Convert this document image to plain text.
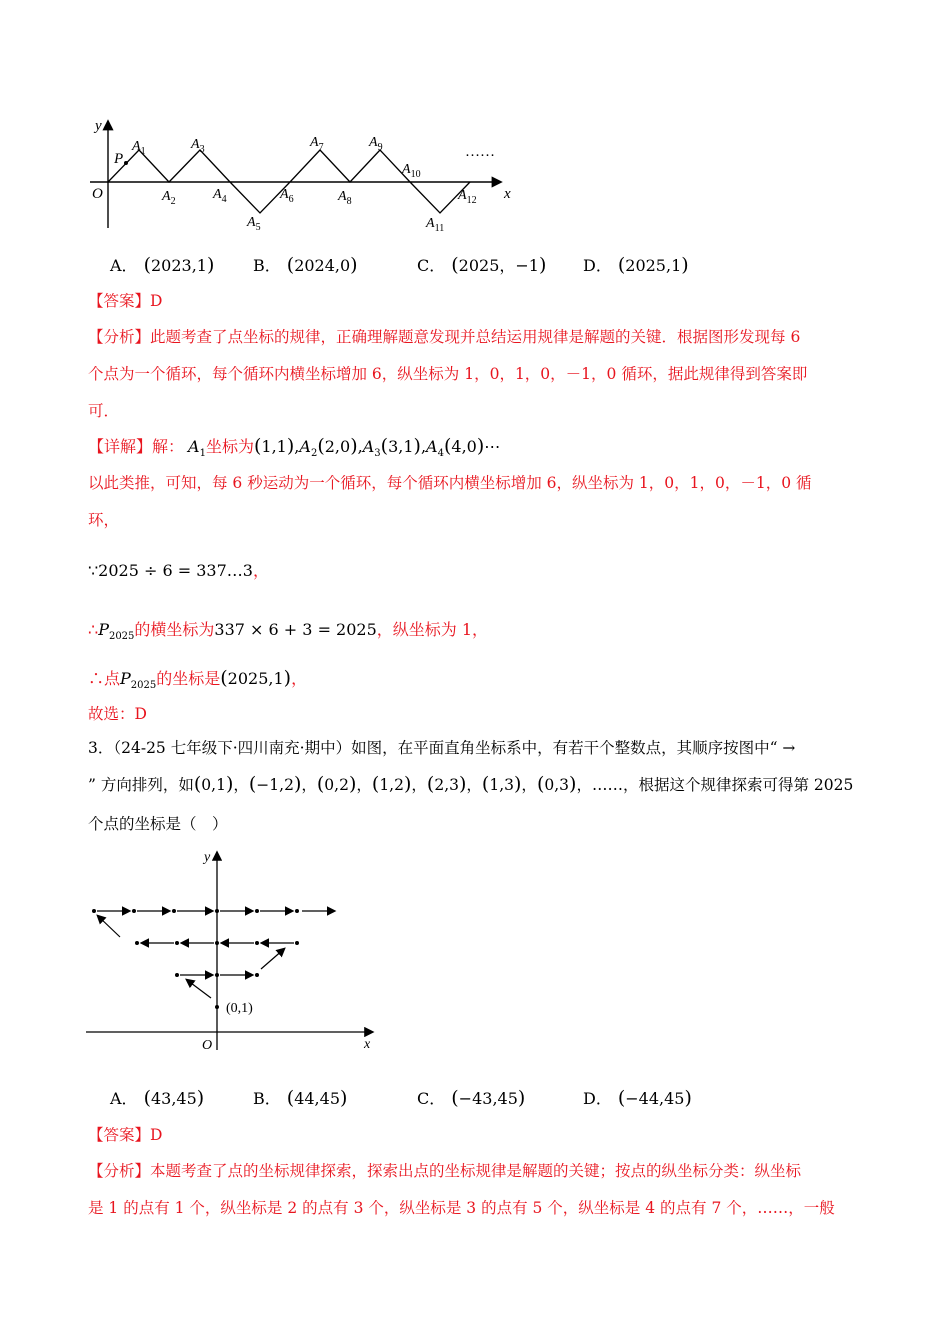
y
x
O
P	……
$A_1$
$A_2$
$A_3$
$A_4$
$A_5$
$A_6$
$A_7$
$A_8$
$A_9$
$A_{10}$
$A_{11}$
$A_{12}$
A． (2023,1) B． (2024,0)	C． (2025，−1) D． (2025,1)
【答案】D
【分析】此题考查了点坐标的规律，正确理解题意发现并总结运用规律是解题的关键．根据图形发现每 6
个点为一个循环，每个循环内横坐标增加 6，纵坐标为 1，0，1，0，－1，0 循环，据此规律得到答案即
可．
【详解】解： $A_1$坐标为$(1,1),A_2(2,0),A_3(3,1),A_4(4,0)\cdots$
以此类推，可知，每 6 秒运动为一个循环，每个循环内横坐标增加 6，纵坐标为 1，0，1，0，－1，0 循
环，
∵2025 ÷ 6 = 337…3，
$\therefore P_{2025}$的横坐标为337 × 6 + 3 = 2025，纵坐标为 1，
∴点$P_{2025}$的坐标是(2025,1)，
故选：D
3．（24-25 七年级下·四川南充·期中）如图，在平面直角坐标系中，有若干个整数点，其顺序按图中“ →
” 方向排列，如(0,1)，(−1,2)，(0,2)，(1,2)，(2,3)，(1,3)，(0,3)，……，根据这个规律探索可得第 2025
个点的坐标是（　）
y
x
O
(0,1)
A． (43,45)	B． (44,45)	C． (−43,45)	D． (−44,45)
【答案】D
【分析】本题考查了点的坐标规律探索，探索出点的坐标规律是解题的关键；按点的纵坐标分类：纵坐标
是 1 的点有 1 个，纵坐标是 2 的点有 3 个，纵坐标是 3 的点有 5 个，纵坐标是 4 的点有 7 个，……，一般
